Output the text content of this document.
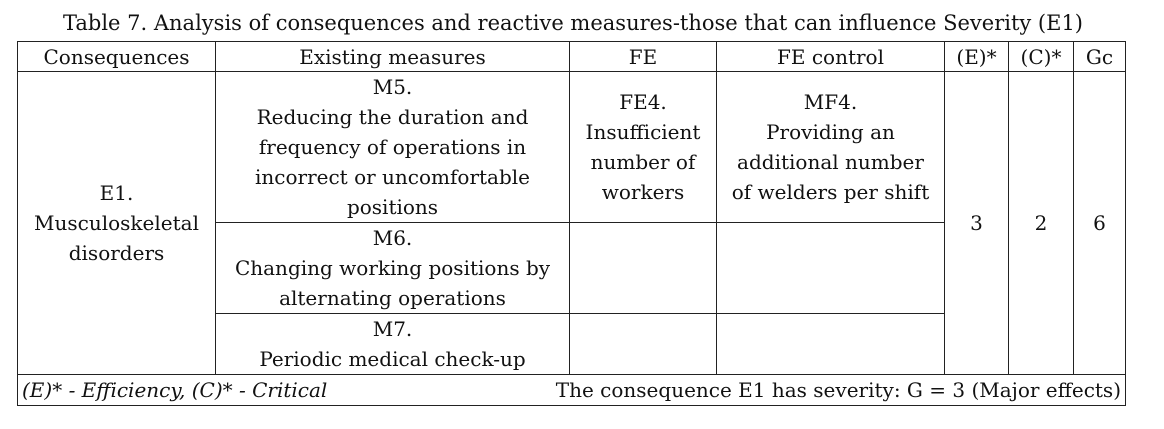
Table 7. Analysis of consequences and reactive measures-those that can influence Severity (E1)
Consequences	Existing measures	FE	FE control	(E)*	(C)*	Gc

E1.
Musculoskeletal
disorders	M5.
Reducing the duration and
frequency of operations in
incorrect or uncomfortable
positions	FE4.
Insufficient
number of
workers	MF4.
Providing an
additional number
of welders per shift	3	2	6

	M6.
Changing working positions by
alternating operations					

	M7.
Periodic medical check-up					

(E)* - Efficiency, (C)* - Critical The consequence E1 has severity: G = 3 (Major effects)						
